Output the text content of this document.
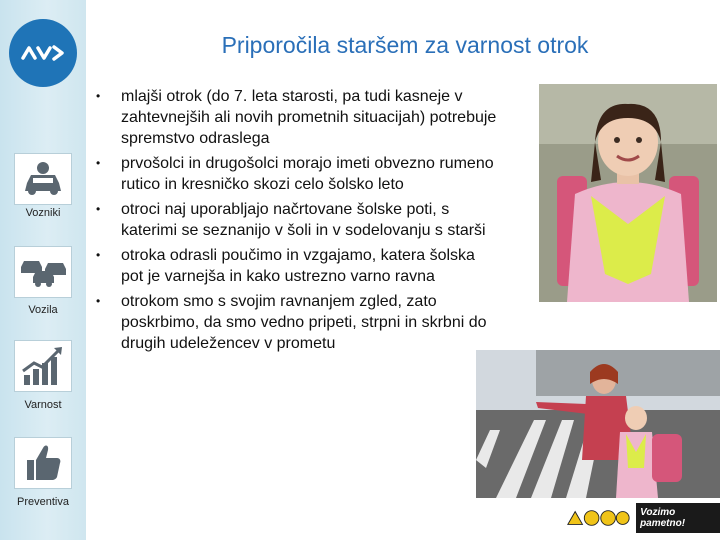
Vozniki
Vozila
Varnost
Preventiva
Priporočila staršem za varnost otrok
• mlajši otrok (do 7. leta starosti, pa tudi kasneje v zahtevnejših ali novih prometnih situacijah) potrebuje spremstvo odraslega
• prvošolci in drugošolci morajo imeti obvezno rumeno rutico in kresničko skozi celo šolsko leto
• otroci naj uporabljajo načrtovane šolske poti, s katerimi se seznanijo v šoli in v sodelovanju s starši
• otroka odrasli poučimo in vzgajamo, katera šolska pot je varnejša in kako ustrezno varno ravna
• otrokom smo s svojim ravnanjem zgled, zato poskrbimo, da smo vedno pripeti, strpni in skrbni do drugih udeležencev v prometu
Vozimo pametno!
